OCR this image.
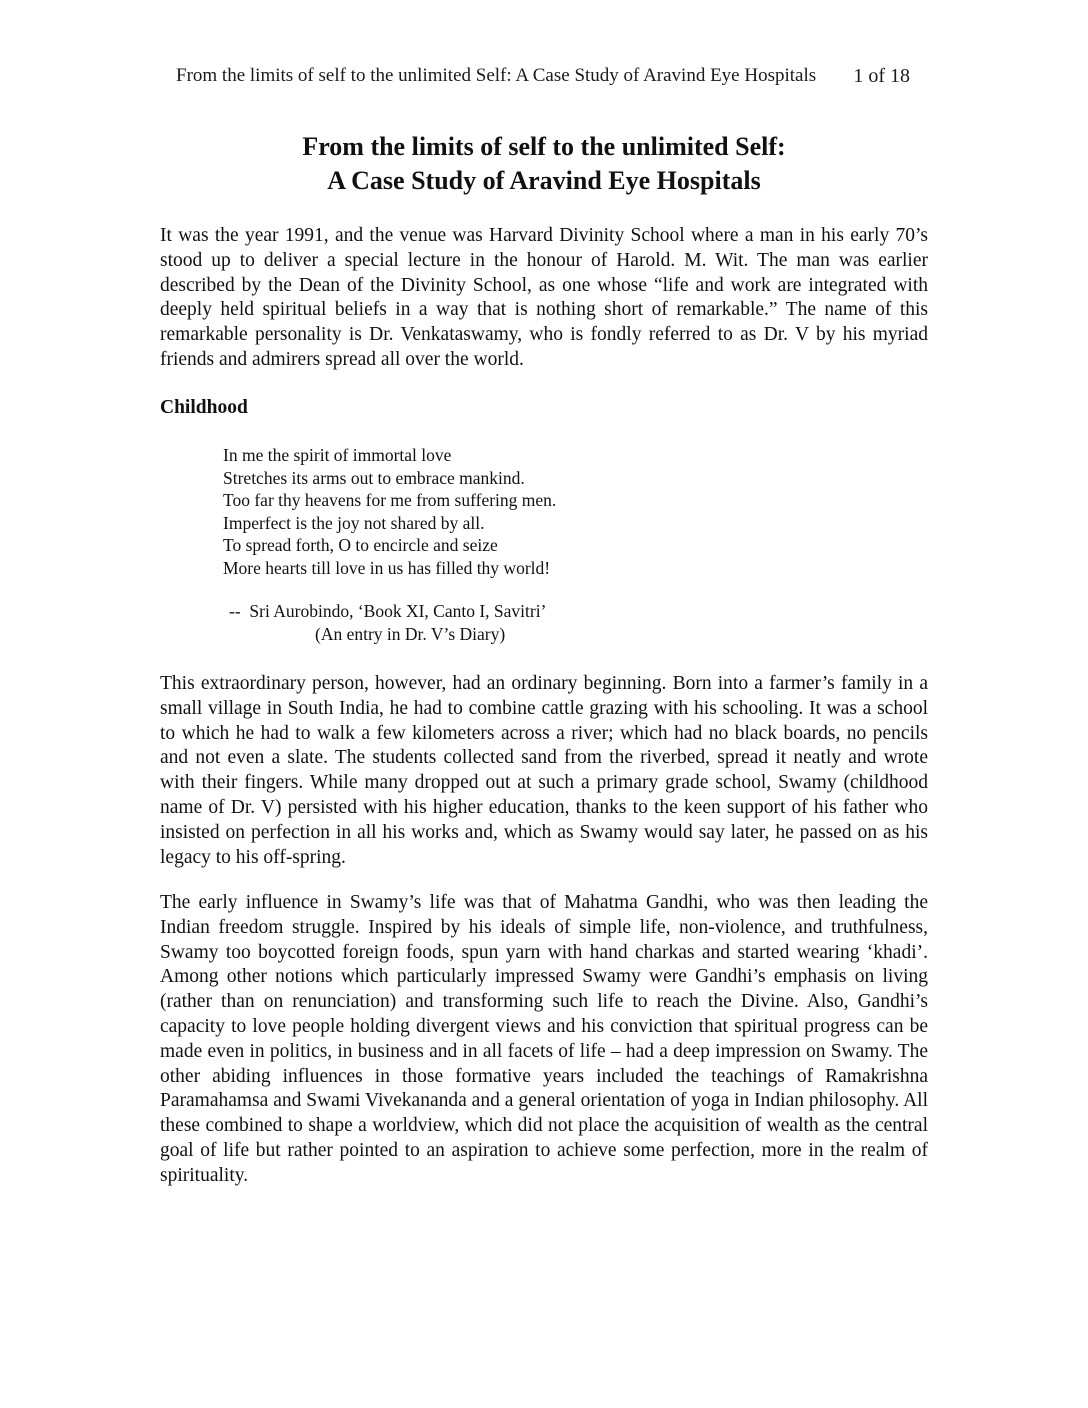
From the limits of self to the unlimited Self: A Case Study of Aravind Eye Hospitals 1 of 18
From the limits of self to the unlimited Self:
A Case Study of Aravind Eye Hospitals

It was the year 1991, and the venue was Harvard Divinity School where a man in his early 70’s stood up to deliver a special lecture in the honour of Harold. M. Wit. The man was earlier described by the Dean of the Divinity School, as one whose “life and work are integrated with deeply held spiritual beliefs in a way that is nothing short of remarkable.” The name of this remarkable personality is Dr. Venkataswamy, who is fondly referred to as Dr. V by his myriad friends and admirers spread all over the world.

Childhood
In me the spirit of immortal love
Stretches its arms out to embrace mankind.
Too far thy heavens for me from suffering men.
Imperfect is the joy not shared by all.
To spread forth, O to encircle and seize
More hearts till love in us has filled thy world!
--  Sri Aurobindo, ‘Book XI, Canto I, Savitri’
(An entry in Dr. V’s Diary)

This extraordinary person, however, had an ordinary beginning. Born into a farmer’s family in a small village in South India, he had to combine cattle grazing with his schooling. It was a school to which he had to walk a few kilometers across a river; which had no black boards, no pencils and not even a slate. The students collected sand from the riverbed, spread it neatly and wrote with their fingers. While many dropped out at such a primary grade school, Swamy (childhood name of Dr. V) persisted with his higher education, thanks to the keen support of his father who insisted on perfection in all his works and, which as Swamy would say later, he passed on as his legacy to his off-spring.

The early influence in Swamy’s life was that of Mahatma Gandhi, who was then leading the Indian freedom struggle. Inspired by his ideals of simple life, non-violence, and truthfulness, Swamy too boycotted foreign foods, spun yarn with hand charkas and started wearing ‘khadi’. Among other notions which particularly impressed Swamy were Gandhi’s emphasis on living (rather than on renunciation) and transforming such life to reach the Divine. Also, Gandhi’s capacity to love people holding divergent views and his conviction that spiritual progress can be made even in politics, in business and in all facets of life – had a deep impression on Swamy. The other abiding influences in those formative years included the teachings of Ramakrishna Paramahamsa and Swami Vivekananda and a general orientation of yoga in Indian philosophy. All these combined to shape a worldview, which did not place the acquisition of wealth as the central goal of life but rather pointed to an aspiration to achieve some perfection, more in the realm of spirituality.
